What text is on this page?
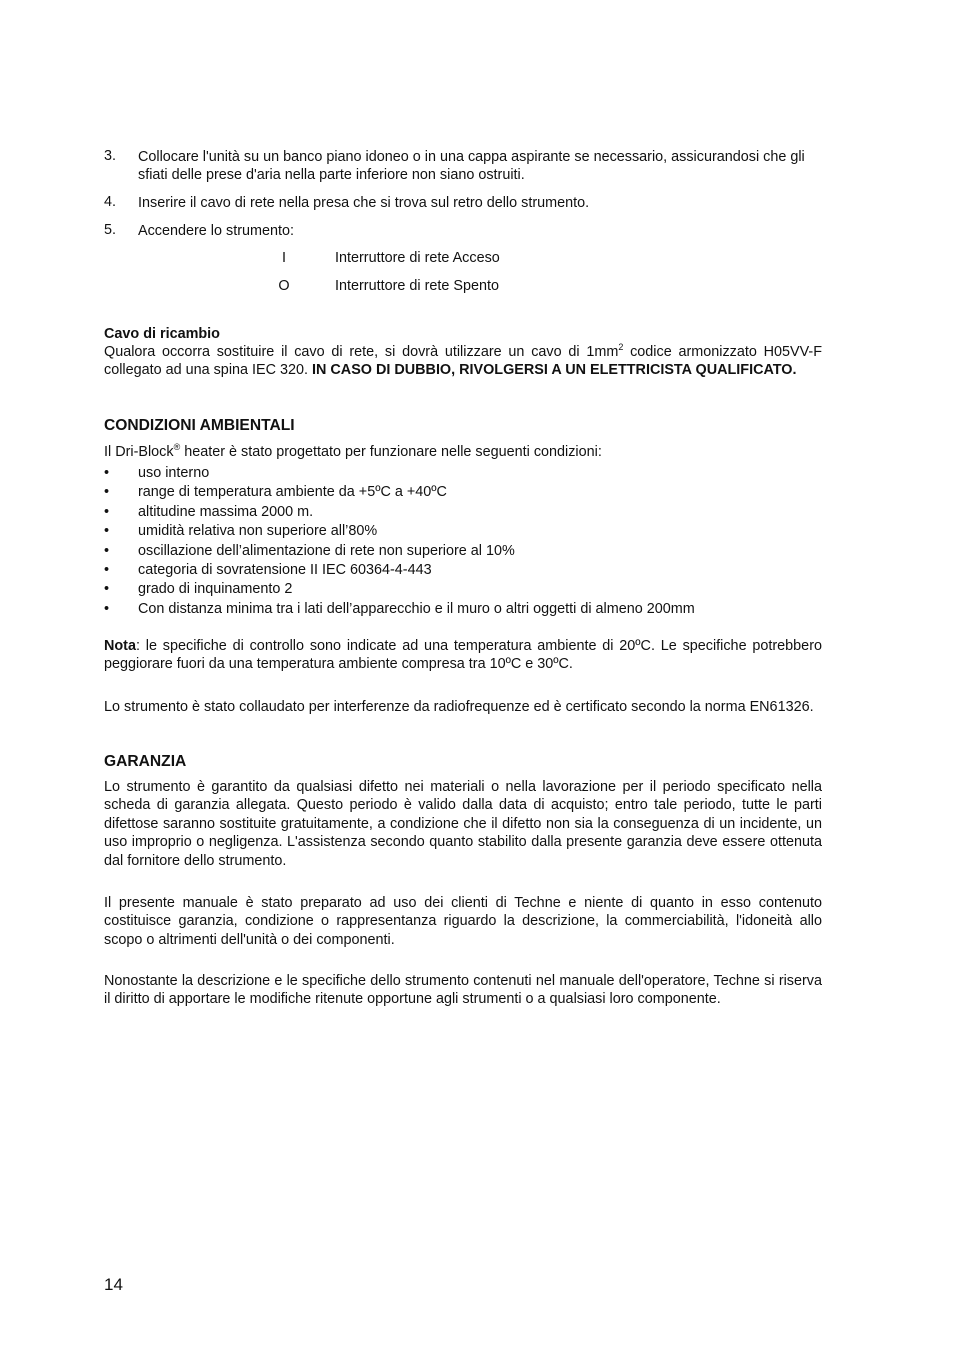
3. Collocare l'unità su un banco piano idoneo o in una cappa aspirante se necessario, assicurandosi che gli sfiati delle prese d'aria nella parte inferiore non siano ostruiti.
4. Inserire il cavo di rete nella presa che si trova sul retro dello strumento.
5. Accendere lo strumento:
I	Interruttore di rete Acceso
O	Interruttore di rete Spento
Cavo di ricambio
Qualora occorra sostituire il cavo di rete, si dovrà utilizzare un cavo di $1mm^2$ codice armonizzato H05VV-F collegato ad una spina IEC 320. IN CASO DI DUBBIO, RIVOLGERSI A UN ELETTRICISTA QUALIFICATO.
CONDIZIONI AMBIENTALI
Il Dri-Block® heater è stato progettato per funzionare nelle seguenti condizioni:
• uso interno
• range di temperatura ambiente da +5ºC a +40ºC
• altitudine massima 2000 m.
• umidità relativa non superiore all’80%
• oscillazione dell’alimentazione di rete non superiore al 10%
• categoria di sovratensione II IEC 60364-4-443
• grado di inquinamento 2
• Con distanza minima tra i lati dell’apparecchio e il muro o altri oggetti di almeno 200mm
Nota: le specifiche di controllo sono indicate ad una temperatura ambiente di 20ºC. Le specifiche potrebbero peggiorare fuori da una temperatura ambiente compresa tra 10ºC e 30ºC.
Lo strumento è stato collaudato per interferenze da radiofrequenze ed è certificato secondo la norma EN61326.
GARANZIA
Lo strumento è garantito da qualsiasi difetto nei materiali o nella lavorazione per il periodo specificato nella scheda di garanzia allegata. Questo periodo è valido dalla data di acquisto; entro tale periodo, tutte le parti difettose saranno sostituite gratuitamente, a condizione che il difetto non sia la conseguenza di un incidente, un uso improprio o negligenza. L'assistenza secondo quanto stabilito dalla presente garanzia deve essere ottenuta dal fornitore dello strumento.
Il presente manuale è stato preparato ad uso dei clienti di Techne e niente di quanto in esso contenuto costituisce garanzia, condizione o rappresentanza riguardo la descrizione, la commerciabilità, l'idoneità allo scopo o altrimenti dell'unità o dei componenti.
Nonostante la descrizione e le specifiche dello strumento contenuti nel manuale dell'operatore, Techne si riserva il diritto di apportare le modifiche ritenute opportune agli strumenti o a qualsiasi loro componente.
14
